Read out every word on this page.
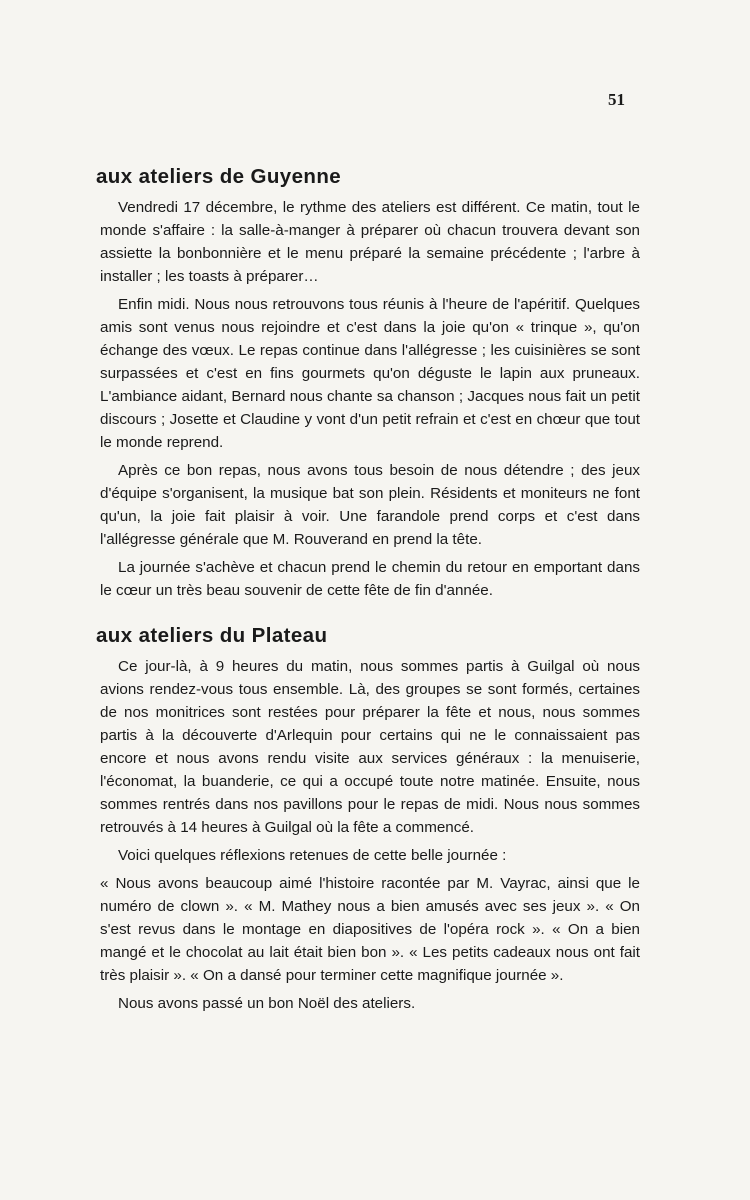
51
aux ateliers de Guyenne

Vendredi 17 décembre, le rythme des ateliers est différent. Ce matin, tout le monde s'affaire : la salle-à-manger à préparer où chacun trouvera devant son assiette la bonbonnière et le menu préparé la semaine précédente ; l'arbre à installer ; les toasts à préparer…

Enfin midi. Nous nous retrouvons tous réunis à l'heure de l'apéritif. Quelques amis sont venus nous rejoindre et c'est dans la joie qu'on « trinque », qu'on échange des vœux. Le repas continue dans l'allégresse ; les cuisinières se sont surpassées et c'est en fins gourmets qu'on déguste le lapin aux pruneaux. L'ambiance aidant, Bernard nous chante sa chanson ; Jacques nous fait un petit discours ; Josette et Claudine y vont d'un petit refrain et c'est en chœur que tout le monde reprend.

Après ce bon repas, nous avons tous besoin de nous détendre ; des jeux d'équipe s'organisent, la musique bat son plein. Résidents et moniteurs ne font qu'un, la joie fait plaisir à voir. Une farandole prend corps et c'est dans l'allégresse générale que M. Rouverand en prend la tête.

La journée s'achève et chacun prend le chemin du retour en emportant dans le cœur un très beau souvenir de cette fête de fin d'année.

aux ateliers du Plateau

Ce jour-là, à 9 heures du matin, nous sommes partis à Guilgal où nous avions rendez-vous tous ensemble. Là, des groupes se sont formés, certaines de nos monitrices sont restées pour préparer la fête et nous, nous sommes partis à la découverte d'Arlequin pour certains qui ne le connaissaient pas encore et nous avons rendu visite aux services généraux : la menuiserie, l'économat, la buanderie, ce qui a occupé toute notre matinée. Ensuite, nous sommes rentrés dans nos pavillons pour le repas de midi. Nous nous sommes retrouvés à 14 heures à Guilgal où la fête a commencé.

Voici quelques réflexions retenues de cette belle journée :

« Nous avons beaucoup aimé l'histoire racontée par M. Vayrac, ainsi que le numéro de clown ». « M. Mathey nous a bien amusés avec ses jeux ». « On s'est revus dans le montage en diapositives de l'opéra rock ». « On a bien mangé et le chocolat au lait était bien bon ». « Les petits cadeaux nous ont fait très plaisir ». « On a dansé pour terminer cette magnifique journée ».

Nous avons passé un bon Noël des ateliers.
